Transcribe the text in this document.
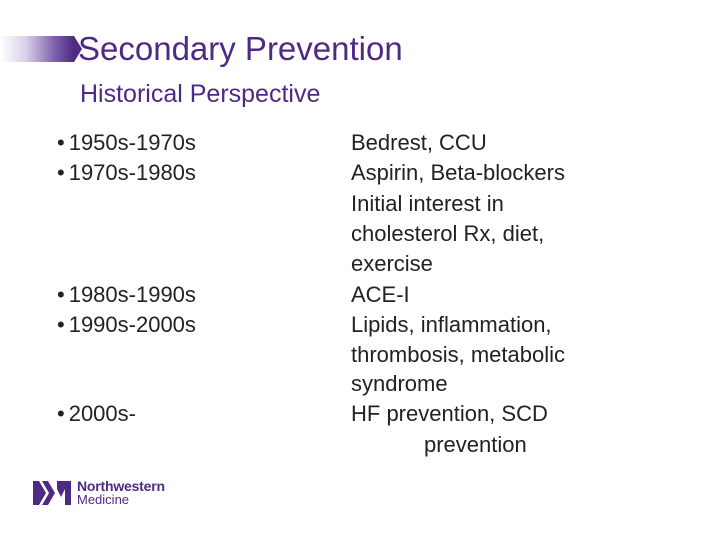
Secondary Prevention
Historical Perspective
• 1950s-1970s
• 1970s-1980s
• 1980s-1990s
• 1990s-2000s
• 2000s-
Bedrest, CCU
Aspirin, Beta-blockers
Initial interest in
cholesterol Rx, diet,
exercise
ACE-I
Lipids, inflammation,
thrombosis, metabolic
syndrome
HF prevention, SCD
prevention
Northwestern
Medicine
